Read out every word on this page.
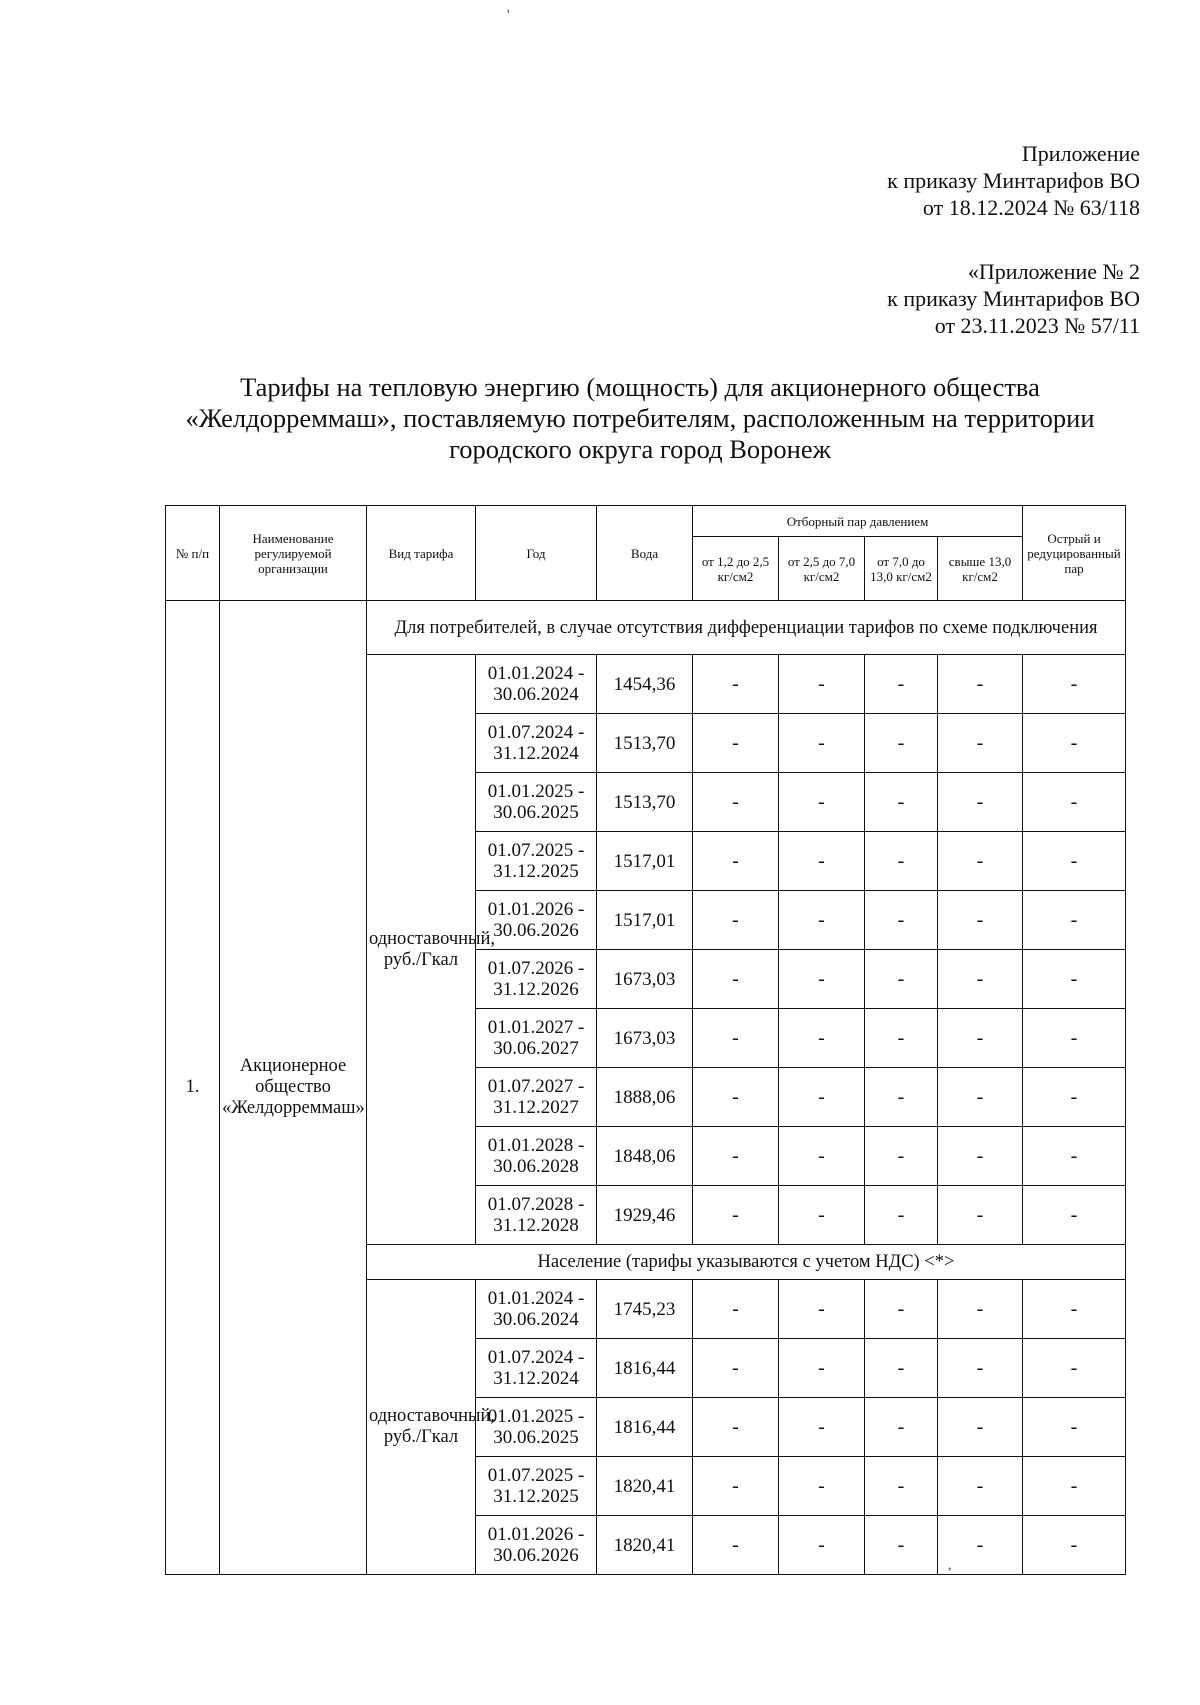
'
,
Приложение
к приказу Минтарифов ВО
от 18.12.2024 № 63/118
«Приложение № 2
к приказу Минтарифов ВО
от 23.11.2023 № 57/11
Тарифы на тепловую энергию (мощность) для акционерного общества
«Желдорреммаш», поставляемую потребителям, расположенным на территории
городского округа город Воронеж
№ п/п	Наименование регулируемой организации	Вид тарифа	Год	Вода	Отборный пар давлением				Острый и редуцированный пар
					от 1,2 до 2,5 кг/см2	от 2,5 до 7,0 кг/см2	от 7,0 до 13,0 кг/см2	свыше 13,0 кг/см2	
1.	Акционерное общество «Желдорреммаш»	Для потребителей, в случае отсутствия дифференциации тарифов по схеме подключения							
		одноставочный, руб./Гкал	01.01.2024 - 30.06.2024	1454,36	-	-	-	-	-
			01.07.2024 - 31.12.2024	1513,70	-	-	-	-	-
			01.01.2025 - 30.06.2025	1513,70	-	-	-	-	-
			01.07.2025 - 31.12.2025	1517,01	-	-	-	-	-
			01.01.2026 - 30.06.2026	1517,01	-	-	-	-	-
			01.07.2026 - 31.12.2026	1673,03	-	-	-	-	-
			01.01.2027 - 30.06.2027	1673,03	-	-	-	-	-
			01.07.2027 - 31.12.2027	1888,06	-	-	-	-	-
			01.01.2028 - 30.06.2028	1848,06	-	-	-	-	-
			01.07.2028 - 31.12.2028	1929,46	-	-	-	-	-
		Население (тарифы указываются с учетом НДС) <*>							
		одноставочный, руб./Гкал	01.01.2024 - 30.06.2024	1745,23	-	-	-	-	-
			01.07.2024 - 31.12.2024	1816,44	-	-	-	-	-
			01.01.2025 - 30.06.2025	1816,44	-	-	-	-	-
			01.07.2025 - 31.12.2025	1820,41	-	-	-	-	-
			01.01.2026 - 30.06.2026	1820,41	-	-	-	-	-
